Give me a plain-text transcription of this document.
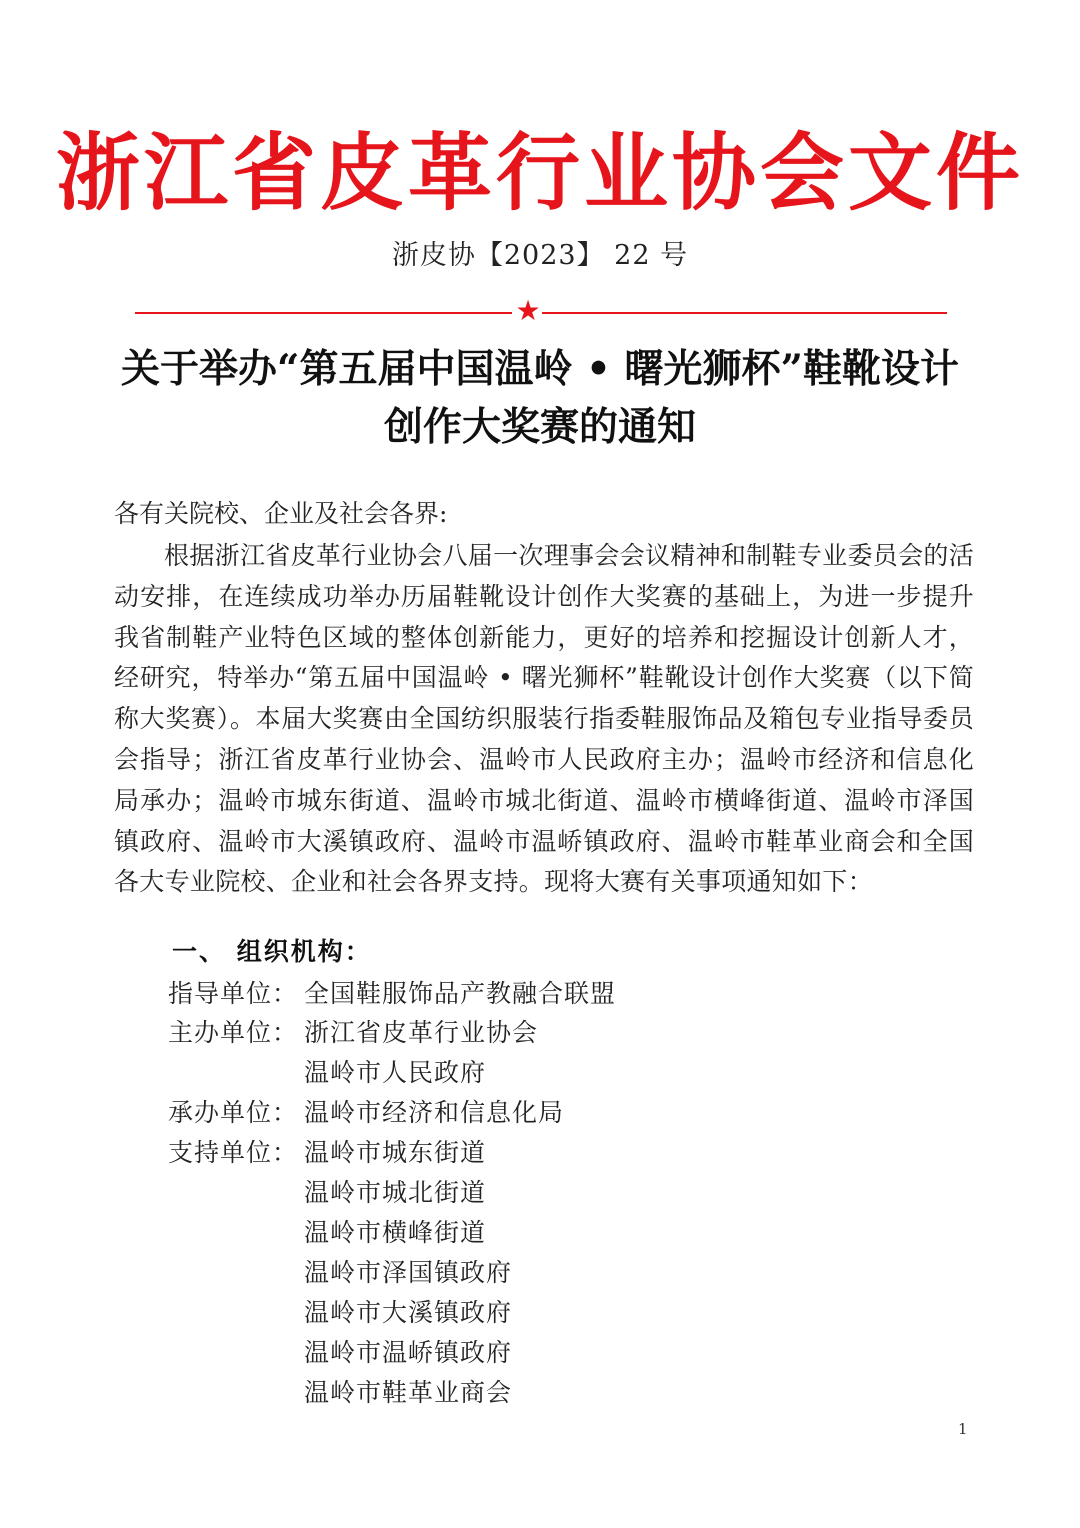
浙江省皮革行业协会文件
浙皮协【2023】 22 号
★
关于举办“第五届中国温岭 • 曙光狮杯”鞋靴设计
创作大奖赛的通知
各有关院校、企业及社会各界:
根据浙江省皮革行业协会八届一次理事会会议精神和制鞋专业委员会的活动安排，在连续成功举办历届鞋靴设计创作大奖赛的基础上，为进一步提升我省制鞋产业特色区域的整体创新能力，更好的培养和挖掘设计创新人才，经研究，特举办“第五届中国温岭 • 曙光狮杯”鞋靴设计创作大奖赛（以下简称大奖赛）。本届大奖赛由全国纺织服装行指委鞋服饰品及箱包专业指导委员会指导；浙江省皮革行业协会、温岭市人民政府主办；温岭市经济和信息化局承办；温岭市城东街道、温岭市城北街道、温岭市横峰街道、温岭市泽国镇政府、温岭市大溪镇政府、温岭市温峤镇政府、温岭市鞋革业商会和全国各大专业院校、企业和社会各界支持。现将大赛有关事项通知如下：
一、 组织机构：
指导单位： 全国鞋服饰品产教融合联盟
主办单位： 浙江省皮革行业协会
温岭市人民政府
承办单位： 温岭市经济和信息化局
支持单位： 温岭市城东街道
温岭市城北街道
温岭市横峰街道
温岭市泽国镇政府
温岭市大溪镇政府
温岭市温峤镇政府
温岭市鞋革业商会
1
